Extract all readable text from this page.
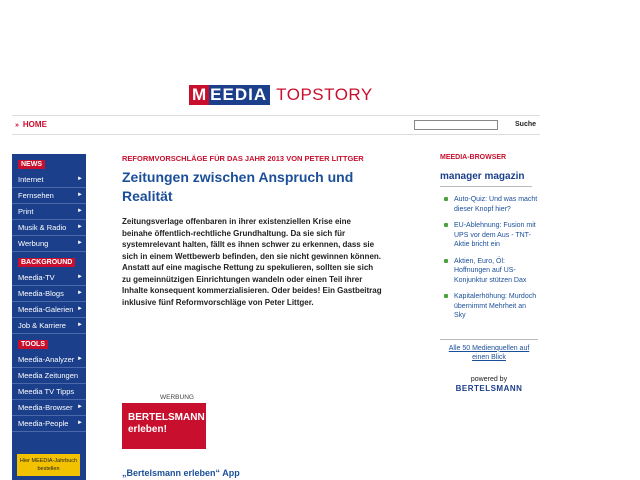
M EEDIA TOPSTORY
» HOME	Suche
NEWS
Internet	►
Fernsehen	►
Print	►
Musik & Radio ►
Werbung	►
BACKGROUND
Meedia-TV	►
Meedia-Blogs ►
Meedia-Galerien ►
Job & Karriere ►
TOOLS
Meedia-Analyzer ►
Meedia Zeitungen
Meedia TV Tipps
Meedia-Browser ►
Meedia-People ►
Hier MEEDIA-Jahrbuch bestellen
REFORMVORSCHLÄGE FÜR DAS JAHR 2013 VON PETER LITTGER
Zeitungen zwischen Anspruch und Realität
Zeitungsverlage offenbaren in ihrer existenziellen Krise eine beinahe öffentlich-rechtliche Grundhaltung. Da sie sich für systemrelevant halten, fällt es ihnen schwer zu erkennen, dass sie sich in einem Wettbewerb befinden, den sie nicht gewinnen können. Anstatt auf eine magische Rettung zu spekulieren, sollten sie sich zu gemeinnützigen Einrichtungen wandeln oder einen Teil ihrer Inhalte konsequent kommerzialisieren. Oder beides! Ein Gastbeitrag inklusive fünf Reformvorschläge von Peter Littger.
WERBUNG
BERTELSMANN
erleben!
„Bertelsmann erleben“ App
MEEDIA-BROWSER
manager magazin
Auto-Quiz: Und was macht dieser Knopf hier?
EU-Ablehnung: Fusion mit UPS vor dem Aus - TNT-Aktie bricht ein
Aktien, Euro, Öl: Hoffnungen auf US-Konjunktur stützen Dax
Kapitalerhöhung: Murdoch übernimmt Mehrheit an Sky
Alle 50 Medienquellen auf einen Blick
powered by
BERTELSMANN
